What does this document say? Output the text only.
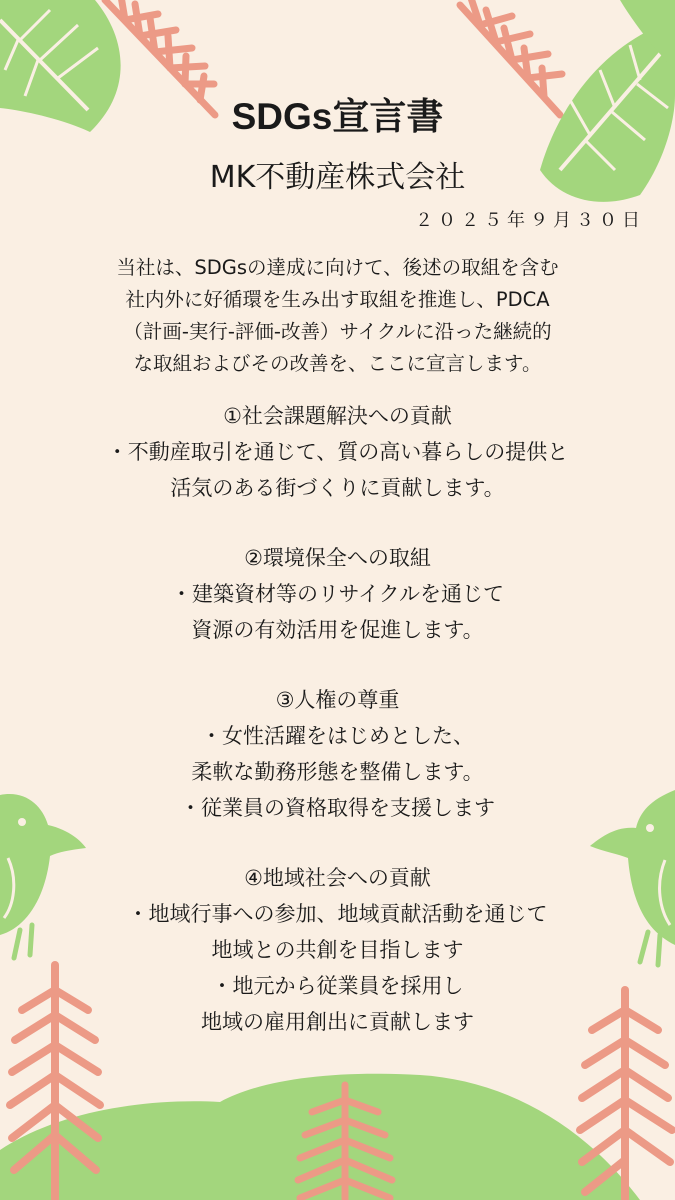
SDGs宣言書
MK不動産株式会社
２０２５年９月３０日

当社は、SDGsの達成に向けて、後述の取組を含む

社内外に好循環を生み出す取組を推進し、PDCA

（計画-実行-評価-改善）サイクルに沿った継続的

な取組およびその改善を、ここに宣言します。

①社会課題解決への貢献

・不動産取引を通じて、質の高い暮らしの提供と

活気のある街づくりに貢献します。

②環境保全への取組

・建築資材等のリサイクルを通じて

資源の有効活用を促進します。

③人権の尊重

・女性活躍をはじめとした、

柔軟な勤務形態を整備します。

・従業員の資格取得を支援します

④地域社会への貢献

・地域行事への参加、地域貢献活動を通じて

地域との共創を目指します

・地元から従業員を採用し

地域の雇用創出に貢献します
